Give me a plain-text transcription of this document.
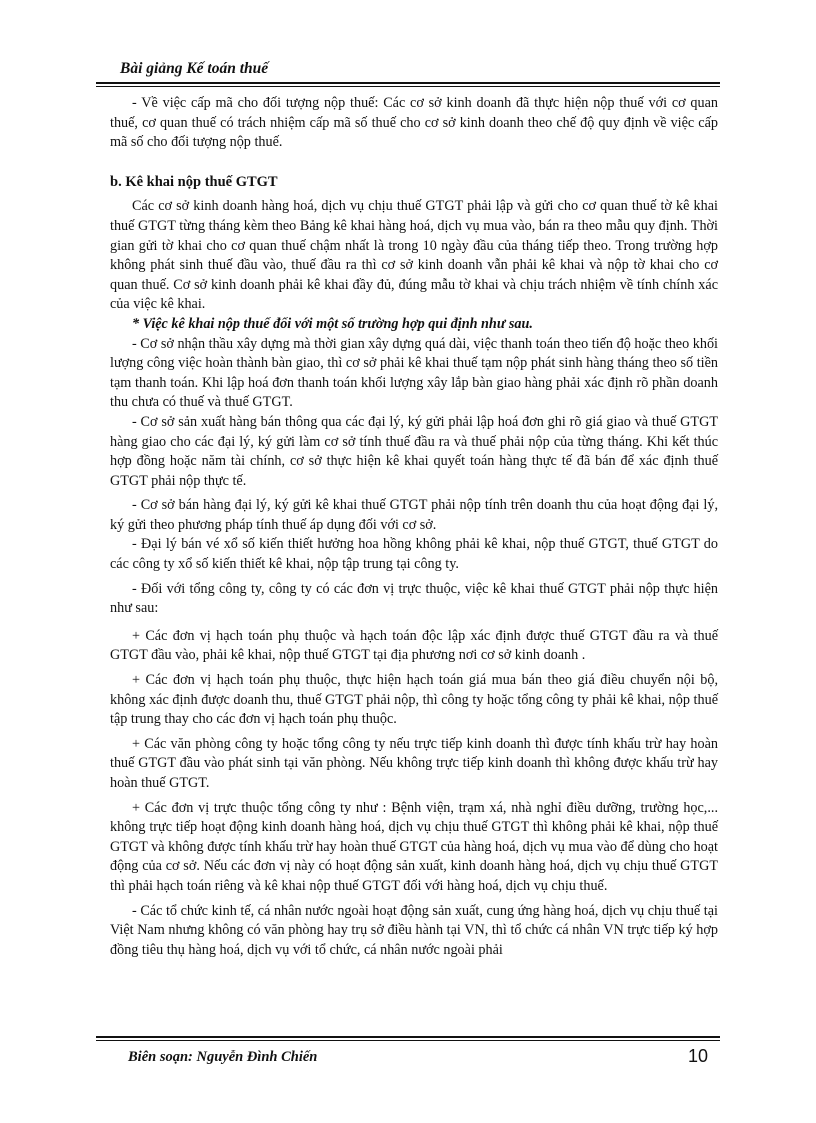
Bài giảng Kế toán thuế

- Về việc cấp mã cho đối tượng nộp thuế: Các cơ sở kinh doanh đã thực hiện nộp thuế với cơ quan thuế, cơ quan thuế có trách nhiệm cấp mã số thuế cho cơ sở kinh doanh theo chế độ quy định về việc cấp mã số cho đối tượng nộp thuế.

b. Kê khai nộp thuế GTGT

Các cơ sở kinh doanh hàng hoá, dịch vụ chịu thuế GTGT phải lập và gửi cho cơ quan thuế tờ kê khai thuế GTGT từng tháng kèm theo Bảng kê khai hàng hoá, dịch vụ mua vào, bán ra theo mẫu quy định. Thời gian gửi tờ khai cho cơ quan thuế chậm nhất là trong 10 ngày đầu của tháng tiếp theo. Trong trường hợp không phát sinh thuế đầu vào, thuế đầu ra thì cơ sở kinh doanh vẫn phải kê khai và nộp tờ khai cho cơ quan thuế. Cơ sở kinh doanh phải kê khai đầy đủ, đúng mẫu tờ khai và chịu trách nhiệm về tính chính xác của việc kê khai.

* Việc kê khai nộp thuế đối với một số trường hợp qui định như sau.

- Cơ sở nhận thầu xây dựng mà thời gian xây dựng quá dài, việc thanh toán theo tiến độ hoặc theo khối lượng công việc hoàn thành bàn giao, thì cơ sở phải kê khai thuế tạm nộp phát sinh hàng tháng theo số tiền tạm thanh toán. Khi lập hoá đơn thanh toán khối lượng xây lắp bàn giao hàng phải xác định rõ phần doanh thu chưa có thuế và thuế GTGT.

- Cơ sở sản xuất hàng bán thông qua các đại lý, ký gửi phải lập hoá đơn ghi rõ giá giao và thuế GTGT hàng giao cho các đại lý, ký gửi làm cơ sở tính thuế đầu ra và thuế phải nộp của từng tháng. Khi kết thúc hợp đồng hoặc năm tài chính, cơ sở thực hiện kê khai quyết toán hàng thực tế đã bán để xác định thuế GTGT phải nộp thực tế.

- Cơ sở bán hàng đại lý, ký gửi kê khai thuế GTGT phải nộp tính trên doanh thu của hoạt động đại lý, ký gửi theo phương pháp tính thuế áp dụng đối với cơ sở.

- Đại lý bán vé xổ số kiến thiết hưởng hoa hồng không phải kê khai, nộp thuế GTGT, thuế GTGT do các công ty xổ số kiến thiết kê khai, nộp tập trung tại công ty.

- Đối với tổng công ty, công ty có các đơn vị trực thuộc, việc kê khai thuế GTGT phải nộp thực hiện như sau:

+ Các đơn vị hạch toán phụ thuộc và hạch toán độc lập xác định được thuế GTGT đầu ra và thuế GTGT đầu vào, phải kê khai, nộp thuế GTGT tại địa phương nơi cơ sở kinh doanh .

+ Các đơn vị hạch toán phụ thuộc, thực hiện hạch toán giá mua bán theo giá điều chuyển nội bộ, không xác định được doanh thu, thuế GTGT phải nộp, thì công ty hoặc tổng công ty phải kê khai, nộp thuế tập trung thay cho các đơn vị hạch toán phụ thuộc.

+ Các văn phòng công ty hoặc tổng công ty nếu trực tiếp kinh doanh thì được tính khấu trừ hay hoàn thuế GTGT đầu vào phát sinh tại văn phòng. Nếu không trực tiếp kinh doanh thì không được khấu trừ hay hoàn thuế GTGT.

+ Các đơn vị trực thuộc tổng công ty như : Bệnh viện, trạm xá, nhà nghỉ điều dưỡng, trường học,... không trực tiếp hoạt động kinh doanh hàng hoá, dịch vụ chịu thuế GTGT thì không phải kê khai, nộp thuế GTGT và không được tính khấu trừ hay hoàn thuế GTGT của hàng hoá, dịch vụ mua vào để dùng cho hoạt động của cơ sở. Nếu các đơn vị này có hoạt động sản xuất, kinh doanh hàng hoá, dịch vụ chịu thuế GTGT thì phải hạch toán riêng và kê khai nộp thuế GTGT đối với hàng hoá, dịch vụ chịu thuế.

- Các tổ chức kinh tế, cá nhân nước ngoài hoạt động sản xuất, cung ứng hàng hoá, dịch vụ chịu thuế tại Việt Nam nhưng không có văn phòng hay trụ sở điều hành tại VN, thì tổ chức cá nhân VN trực tiếp ký hợp đồng tiêu thụ hàng hoá, dịch vụ với tổ chức, cá nhân nước ngoài phải

Biên soạn: Nguyễn Đình Chiến	10
